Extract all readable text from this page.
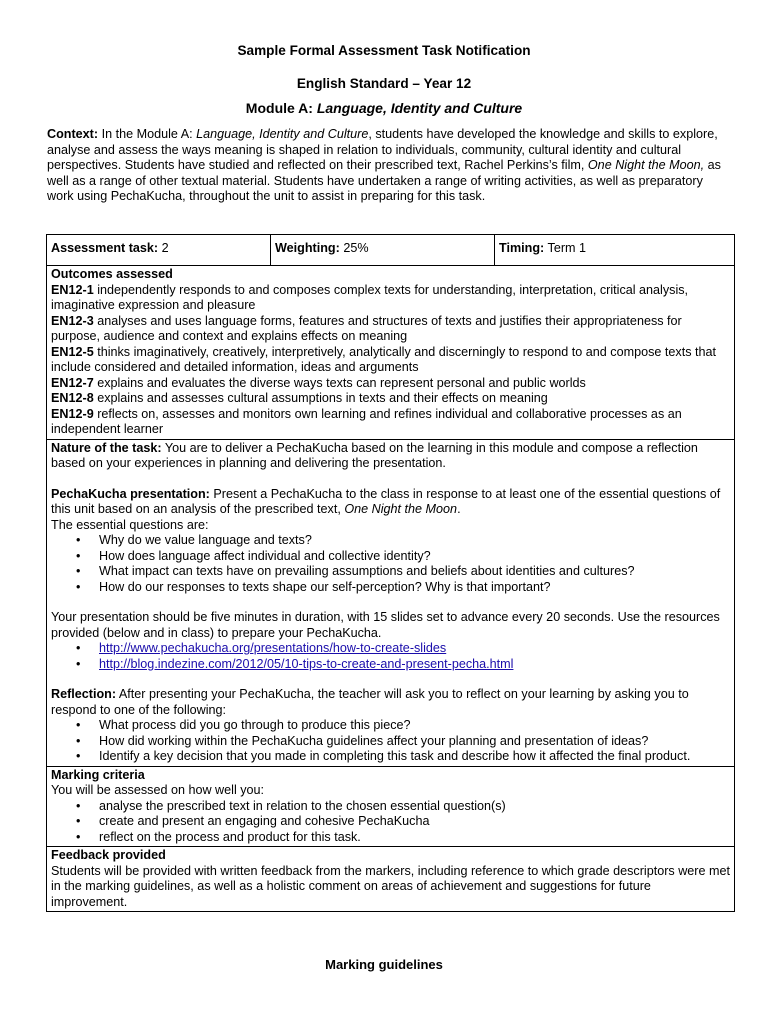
Sample Formal Assessment Task Notification
English Standard – Year 12
Module A: Language, Identity and Culture
Context: In the Module A: Language, Identity and Culture, students have developed the knowledge and skills to explore, analyse and assess the ways meaning is shaped in relation to individuals, community, cultural identity and cultural perspectives. Students have studied and reflected on their prescribed text, Rachel Perkins’s film, One Night the Moon, as well as a range of other textual material. Students have undertaken a range of writing activities, as well as preparatory work using PechaKucha, throughout the unit to assist in preparing for this task.
Assessment task: 2	Weighting: 25%	Timing: Term 1
Outcomes assessed
EN12-1 independently responds to and composes complex texts for understanding, interpretation, critical analysis, imaginative expression and pleasure
EN12-3 analyses and uses language forms, features and structures of texts and justifies their appropriateness for purpose, audience and context and explains effects on meaning
EN12-5 thinks imaginatively, creatively, interpretively, analytically and discerningly to respond to and compose texts that include considered and detailed information, ideas and arguments
EN12-7 explains and evaluates the diverse ways texts can represent personal and public worlds
EN12-8 explains and assesses cultural assumptions in texts and their effects on meaning
EN12-9 reflects on, assesses and monitors own learning and refines individual and collaborative processes as an independent learner
Nature of the task: You are to deliver a PechaKucha based on the learning in this module and compose a reflection based on your experiences in planning and delivering the presentation.
PechaKucha presentation: Present a PechaKucha to the class in response to at least one of the essential questions of this unit based on an analysis of the prescribed text, One Night the Moon.
The essential questions are:
• Why do we value language and texts?
• How does language affect individual and collective identity?
• What impact can texts have on prevailing assumptions and beliefs about identities and cultures?
• How do our responses to texts shape our self-perception? Why is that important?
Your presentation should be five minutes in duration, with 15 slides set to advance every 20 seconds. Use the resources provided (below and in class) to prepare your PechaKucha.
• http://www.pechakucha.org/presentations/how-to-create-slides
• http://blog.indezine.com/2012/05/10-tips-to-create-and-present-pecha.html
Reflection: After presenting your PechaKucha, the teacher will ask you to reflect on your learning by asking you to respond to one of the following:
• What process did you go through to produce this piece?
• How did working within the PechaKucha guidelines affect your planning and presentation of ideas?
• Identify a key decision that you made in completing this task and describe how it affected the final product.
Marking criteria
You will be assessed on how well you:
• analyse the prescribed text in relation to the chosen essential question(s)
• create and present an engaging and cohesive PechaKucha
• reflect on the process and product for this task.
Feedback provided
Students will be provided with written feedback from the markers, including reference to which grade descriptors were met in the marking guidelines, as well as a holistic comment on areas of achievement and suggestions for future improvement.
Marking guidelines
